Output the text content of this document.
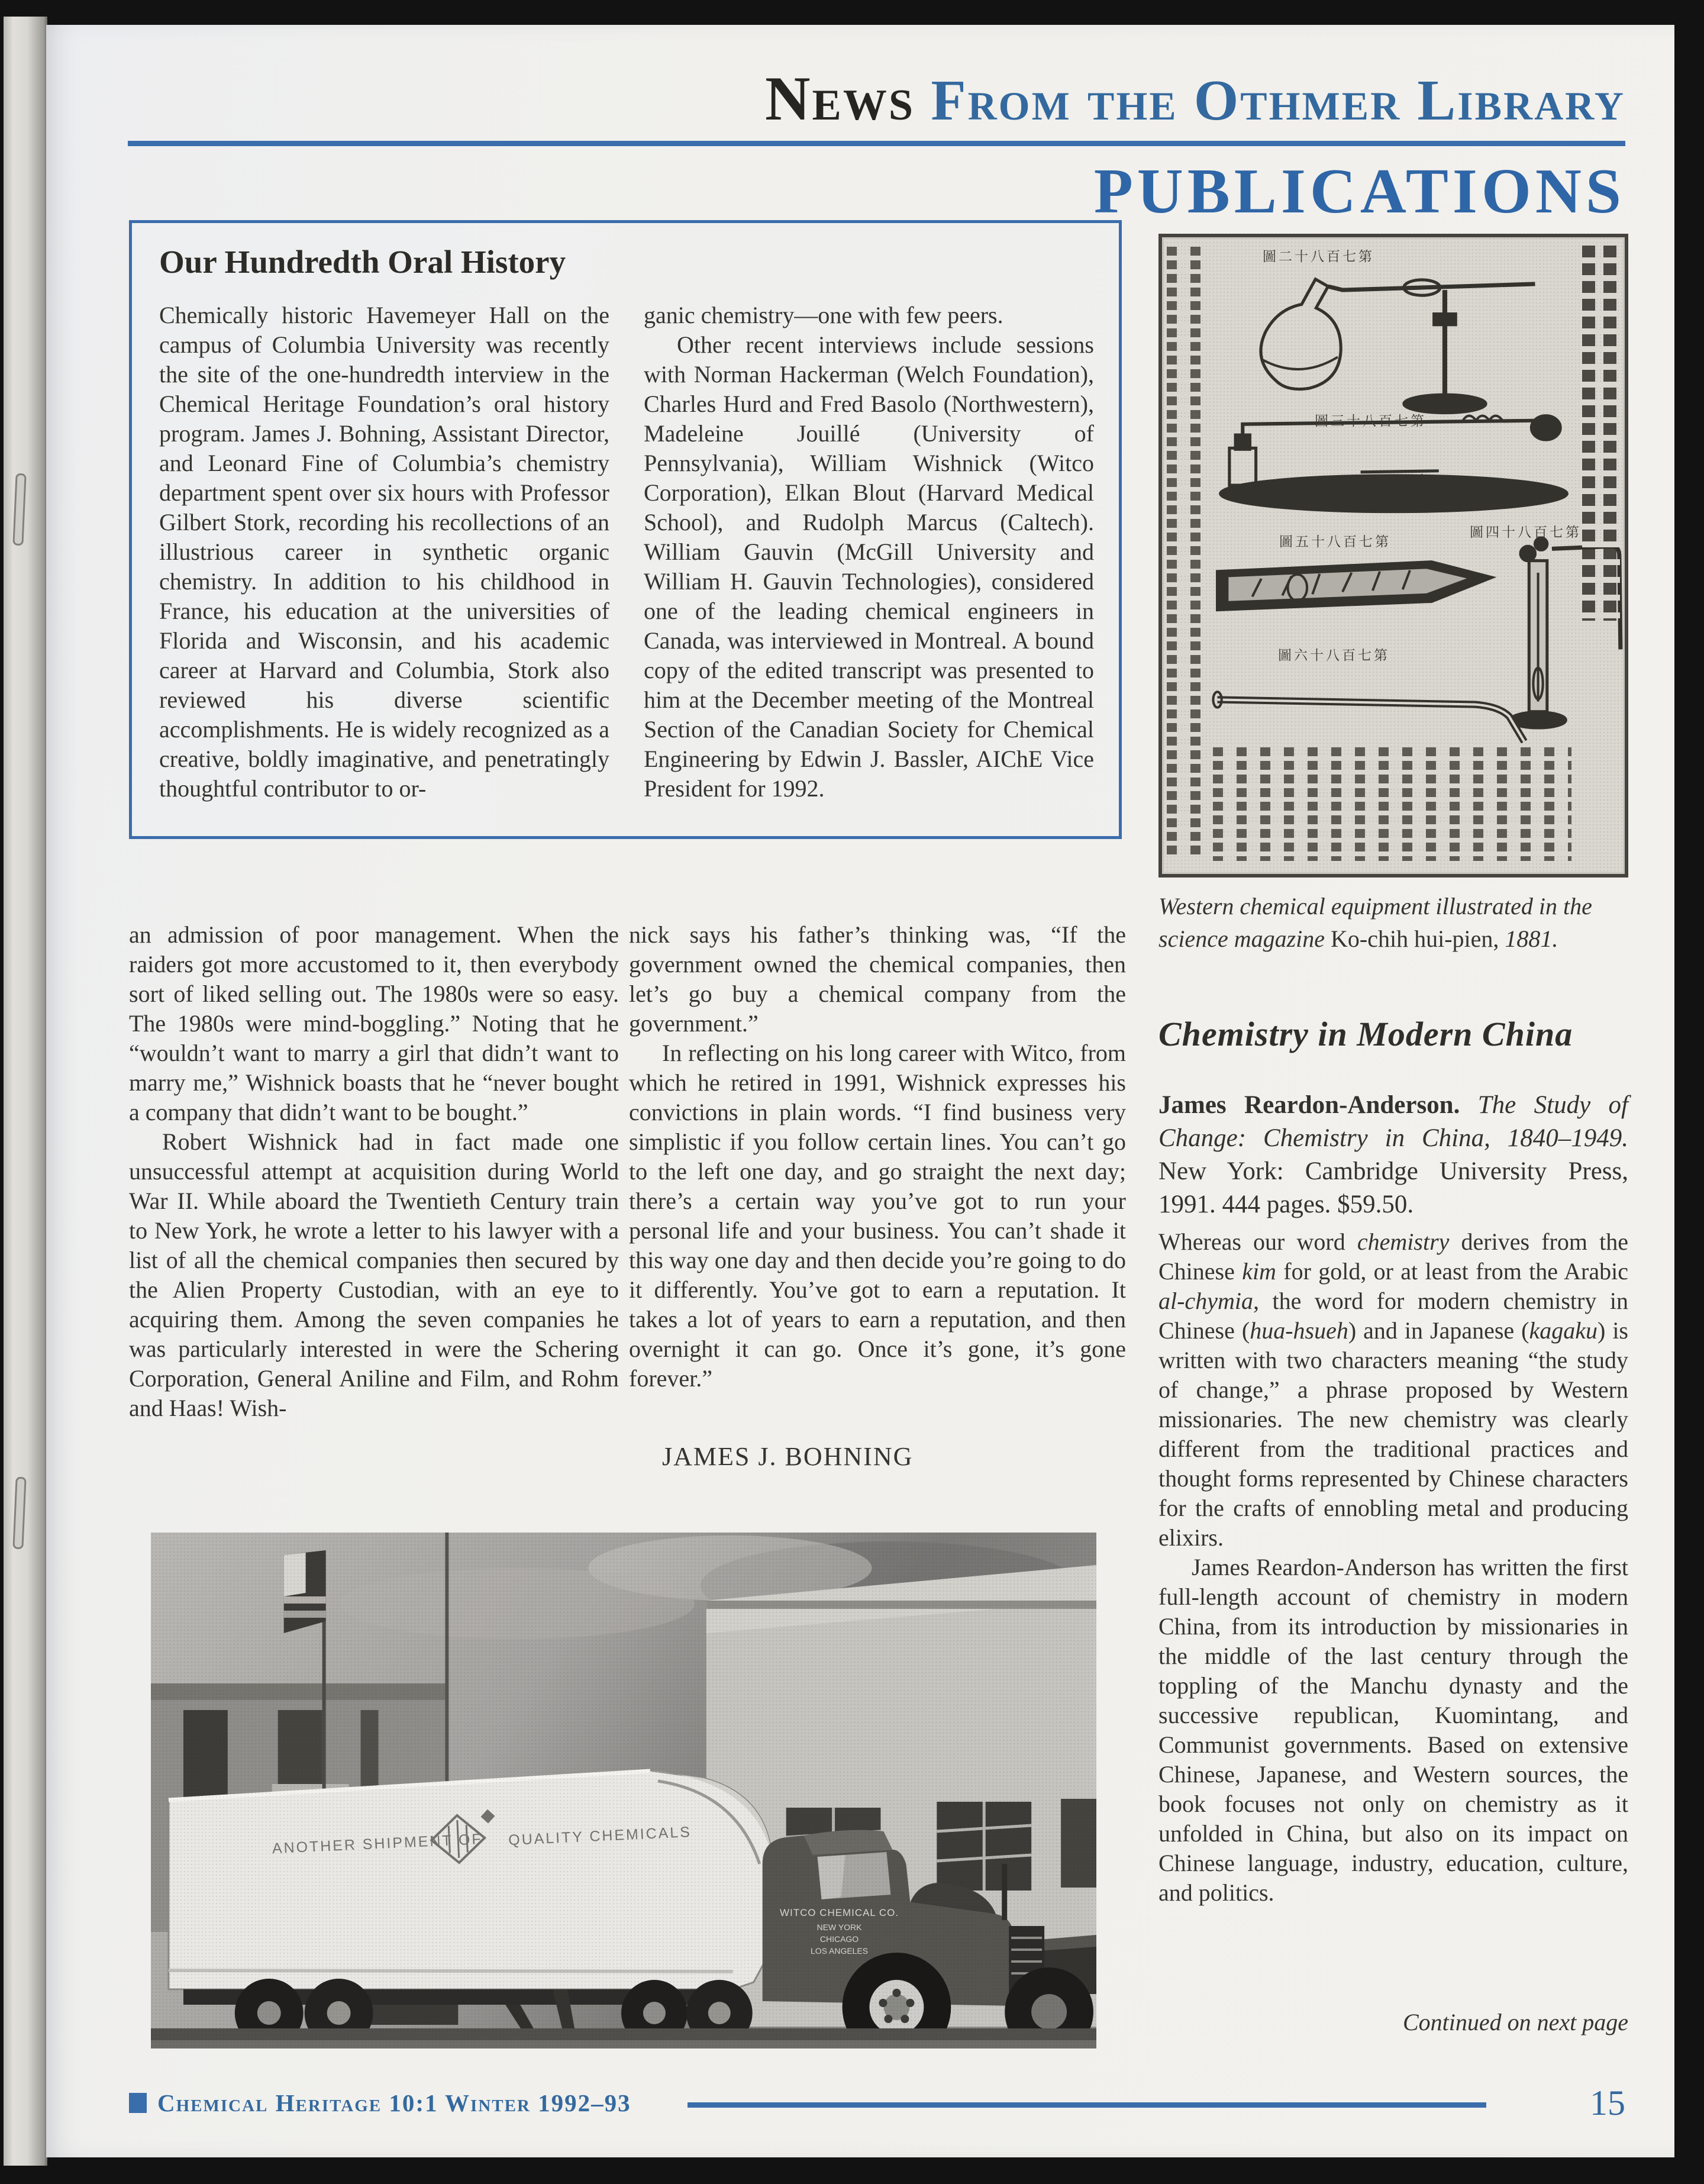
News From the Othmer Library
PUBLICATIONS
Our Hundredth Oral History

Chemically historic Havemeyer Hall on the campus of Columbia University was recently the site of the one-hundredth interview in the Chemical Heritage Foundation’s oral history program. James J. Bohning, Assistant Director, and Leonard Fine of Columbia’s chemistry department spent over six hours with Professor Gilbert Stork, recording his recollections of an illustrious career in synthetic organic chemistry. In addition to his childhood in France, his education at the universities of Florida and Wisconsin, and his academic career at Harvard and Columbia, Stork also reviewed his diverse scientific accomplishments. He is widely recognized as a creative, boldly imaginative, and penetratingly thoughtful contributor to or-

ganic chemistry—one with few peers.

Other recent interviews include sessions with Norman Hackerman (Welch Foundation), Charles Hurd and Fred Basolo (Northwestern), Madeleine Jouillé (University of Pennsylvania), William Wishnick (Witco Corporation), Elkan Blout (Harvard Medical School), and Rudolph Marcus (Caltech). William Gauvin (McGill University and William H. Gauvin Technologies), considered one of the leading chemical engineers in Canada, was interviewed in Montreal. A bound copy of the edited transcript was presented to him at the December meeting of the Montreal Section of the Canadian Society for Chemical Engineering by Edwin J. Bassler, AIChE Vice President for 1992.

an admission of poor management. When the raiders got more accustomed to it, then everybody sort of liked selling out. The 1980s were so easy. The 1980s were mind-boggling.” Noting that he “wouldn’t want to marry a girl that didn’t want to marry me,” Wishnick boasts that he “never bought a company that didn’t want to be bought.”

Robert Wishnick had in fact made one unsuccessful attempt at acquisition during World War II. While aboard the Twentieth Century train to New York, he wrote a letter to his lawyer with a list of all the chemical companies then secured by the Alien Property Custodian, with an eye to acquiring them. Among the seven companies he was particularly interested in were the Schering Corporation, General Aniline and Film, and Rohm and Haas! Wish-

nick says his father’s thinking was, “If the government owned the chemical companies, then let’s go buy a chemical company from the government.”

In reflecting on his long career with Witco, from which he retired in 1991, Wishnick expresses his convictions in plain words. “I find business very simplistic if you follow certain lines. You can’t go to the left one day, and go straight the next day; there’s a certain way you’ve got to run your personal life and your business. You can’t shade it this way one day and then decide you’re going to do it differently. You’ve got to earn a reputation. It takes a lot of years to earn a reputation, and then overnight it can go. Once it’s gone, it’s gone forever.”

JAMES J. BOHNING

圖二十八百七第
圖三十八百七第
圖五十八百七第
圖四十八百七第
圖六十八百七第
Western chemical equipment illustrated in the science magazine Ko-chih hui-pien, 1881.
Chemistry in Modern China

James Reardon-Anderson. The Study of Change: Chemistry in China, 1840–1949. New York: Cambridge University Press, 1991. 444 pages. $59.50.

Whereas our word chemistry derives from the Chinese kim for gold, or at least from the Arabic al-chymia, the word for modern chemistry in Chinese (hua-hsueh) and in Japanese (kagaku) is written with two characters meaning “the study of change,” a phrase proposed by Western missionaries. The new chemistry was clearly different from the traditional practices and thought forms represented by Chinese characters for the crafts of ennobling metal and producing elixirs.

James Reardon-Anderson has written the first full-length account of chemistry in modern China, from its introduction by missionaries in the middle of the last century through the toppling of the Manchu dynasty and the successive republican, Kuomintang, and Communist governments. Based on extensive Chinese, Japanese, and Western sources, the book focuses not only on chemistry as it unfolded in China, but also on its impact on Chinese language, industry, education, culture, and politics.

Continued on next page
Chemical Heritage 10:1 Winter 1992–93	15
